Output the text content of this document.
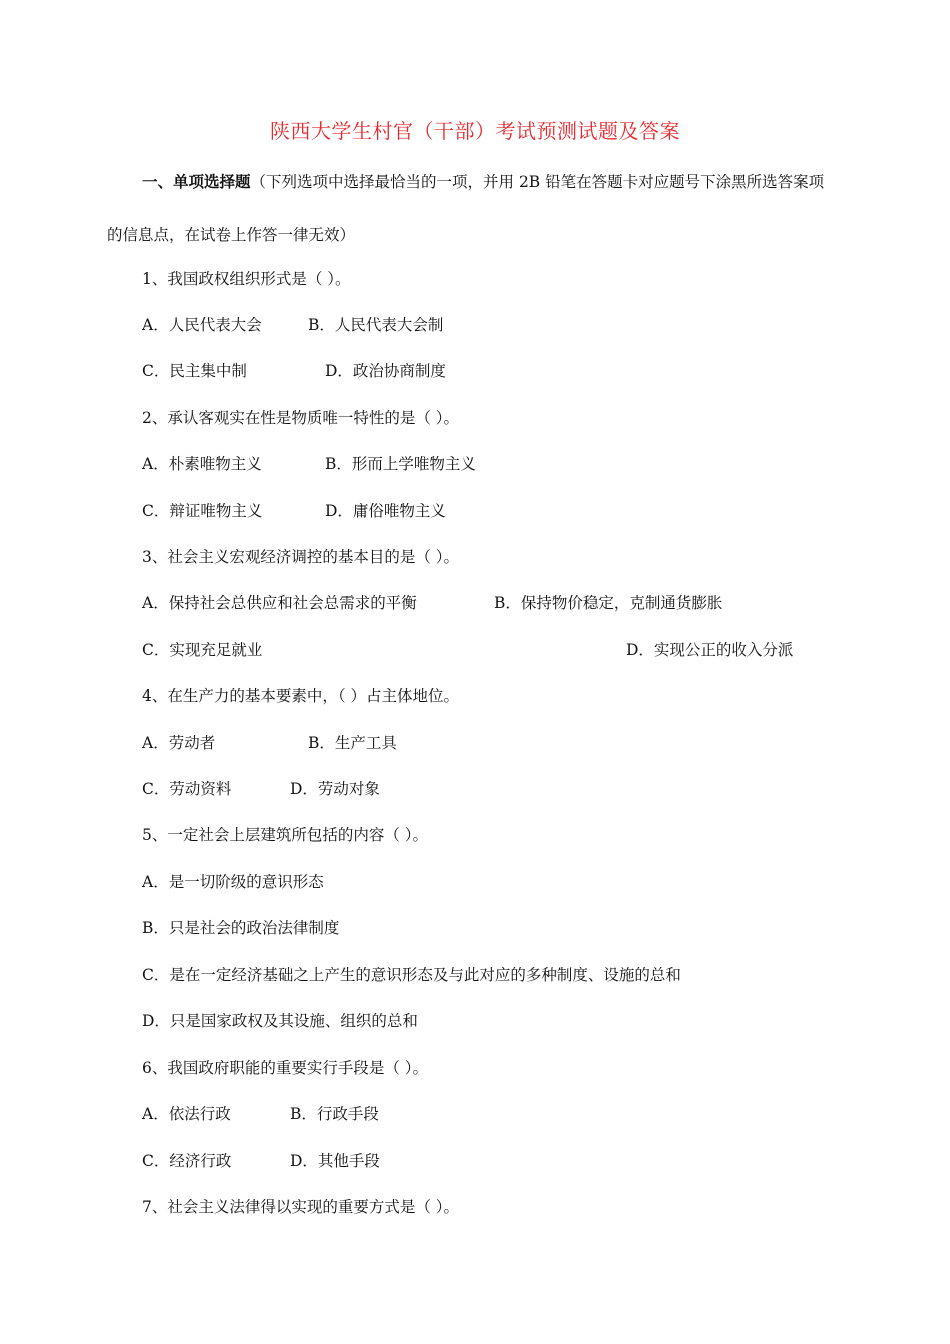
陕西大学生村官（干部）考试预测试题及答案
一、单项选择题（下列选项中选择最恰当的一项，并用 2B 铅笔在答题卡对应题号下涂黑所选答案项
的信息点，在试卷上作答一律无效）
1、我国政权组织形式是（ ）。
A．人民代表大会	B．人民代表大会制
C．民主集中制	D．政治协商制度
2、承认客观实在性是物质唯一特性的是（ ）。
A．朴素唯物主义	B．形而上学唯物主义
C．辩证唯物主义	D．庸俗唯物主义
3、社会主义宏观经济调控的基本目的是（ ）。
A．保持社会总供应和社会总需求的平衡	B．保持物价稳定，克制通货膨胀
C．实现充足就业	D．实现公正的收入分派
4、在生产力的基本要素中，（ ）占主体地位。
A．劳动者	B．生产工具
C．劳动资料	D．劳动对象
5、一定社会上层建筑所包括的内容（ ）。
A．是一切阶级的意识形态
B．只是社会的政治法律制度
C．是在一定经济基础之上产生的意识形态及与此对应的多种制度、设施的总和
D．只是国家政权及其设施、组织的总和
6、我国政府职能的重要实行手段是（ ）。
A．依法行政	B．行政手段
C．经济行政	D．其他手段
7、社会主义法律得以实现的重要方式是（ ）。
